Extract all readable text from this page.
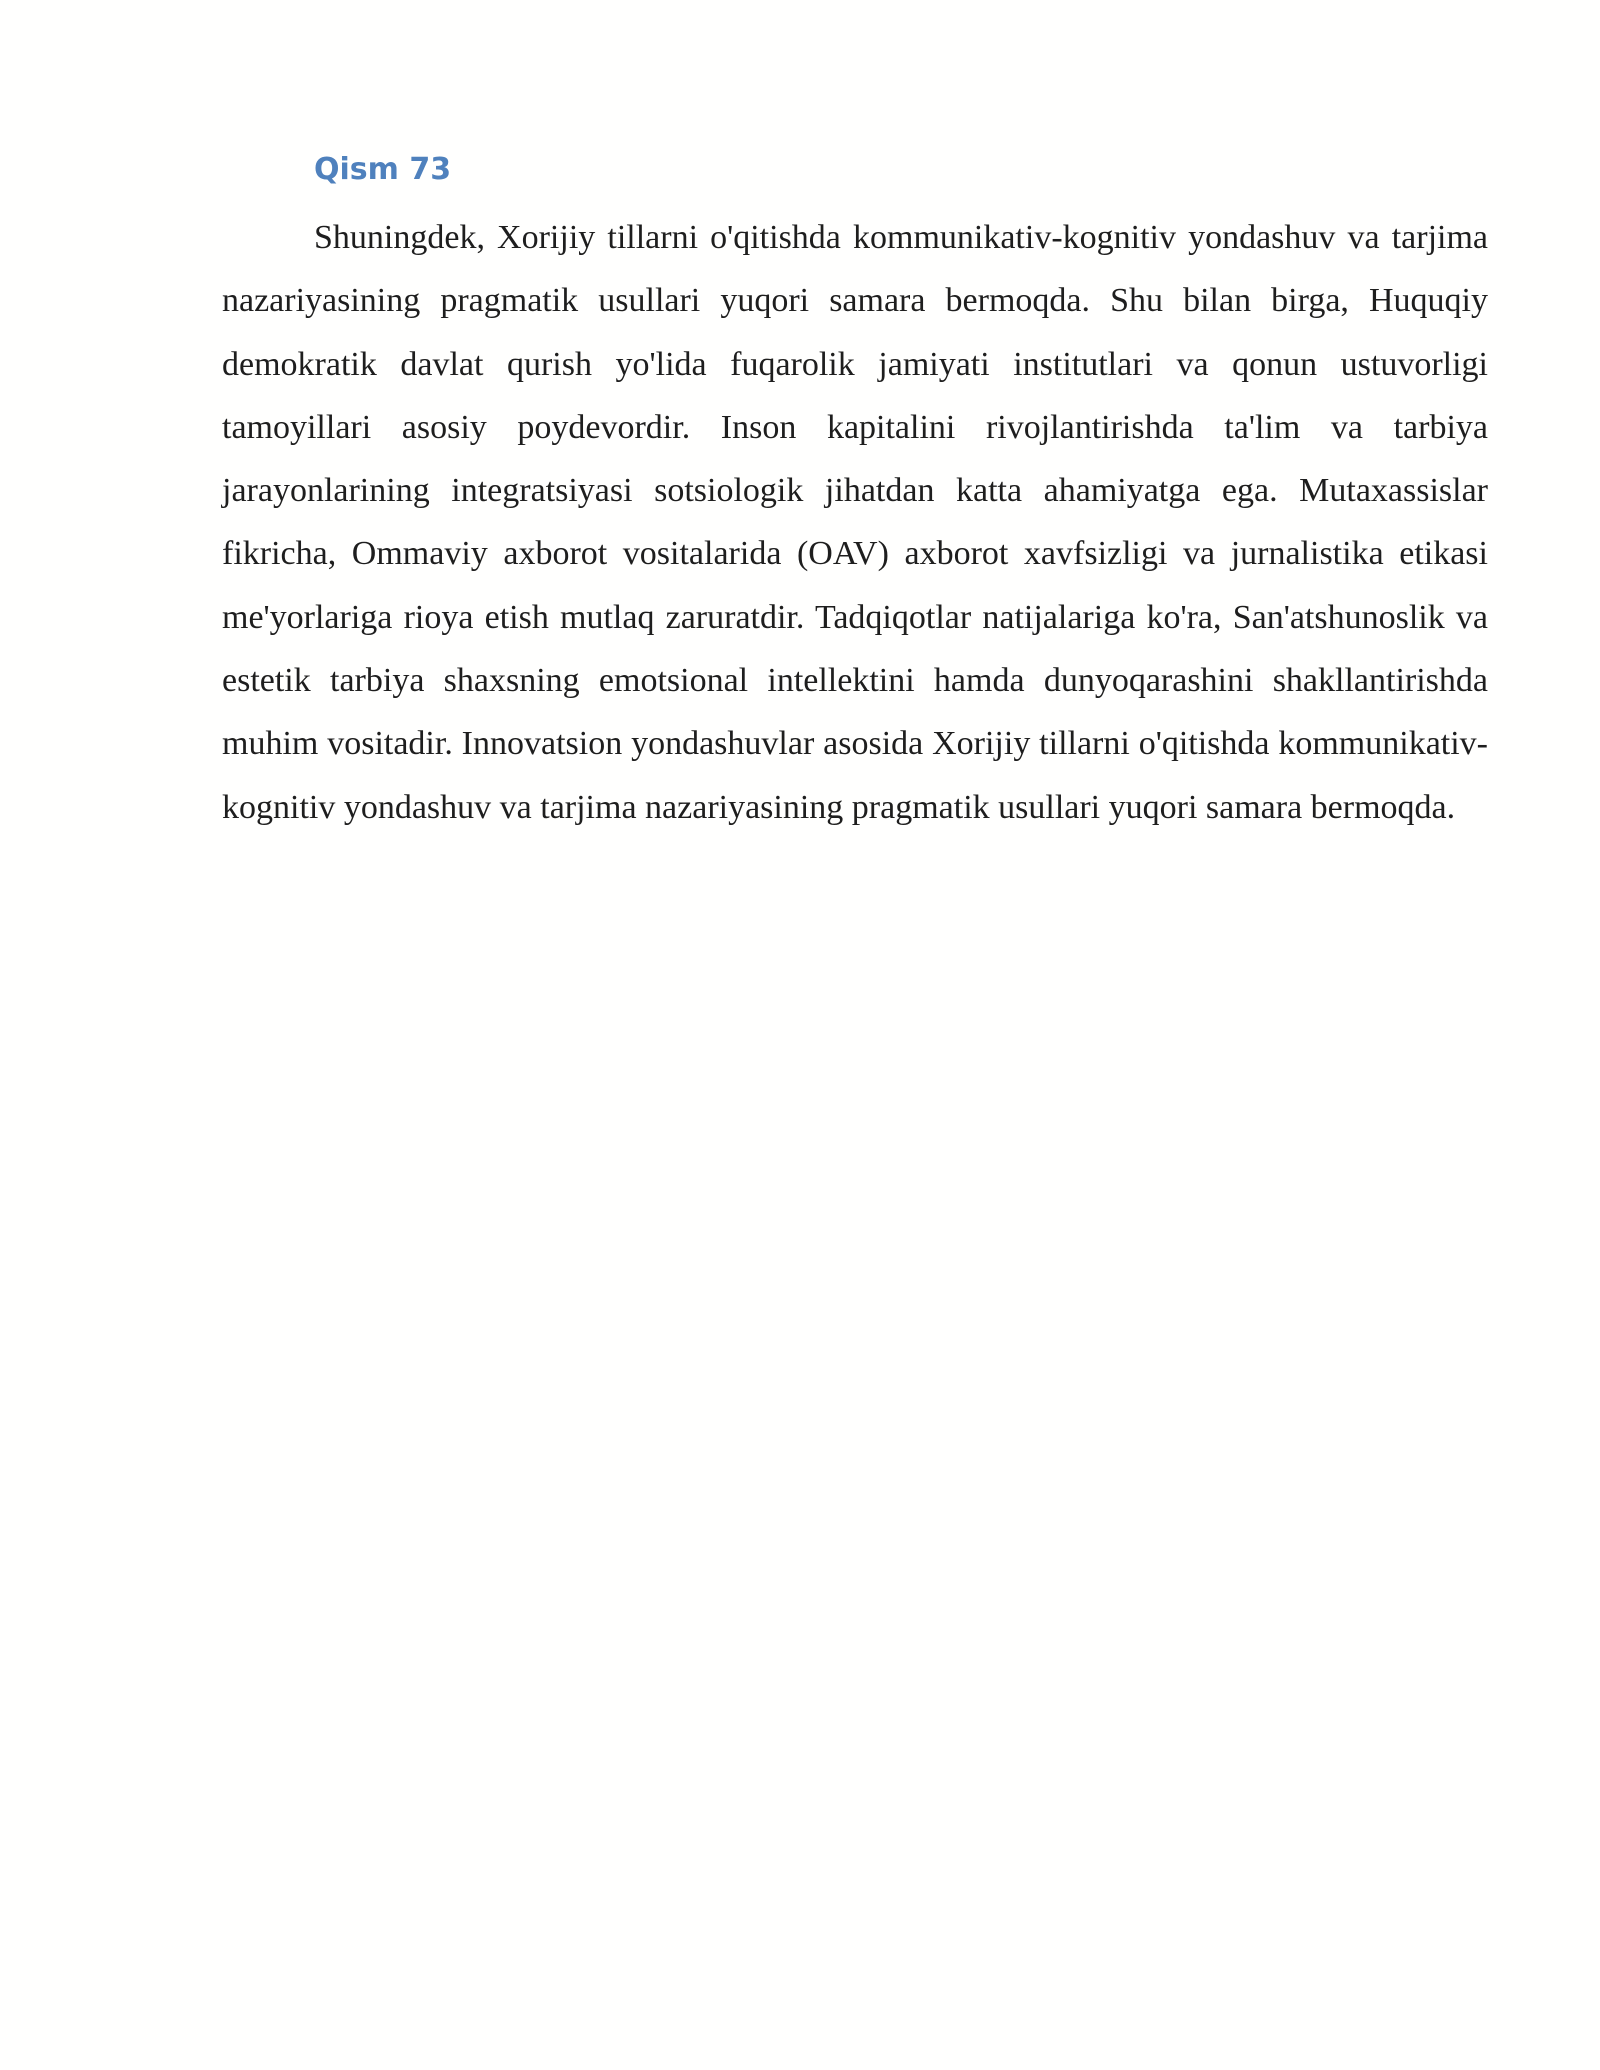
Qism 73

Shuningdek, Xorijiy tillarni o'qitishda kommunikativ-kognitiv yondashuv va tarjima nazariyasining pragmatik usullari yuqori samara bermoqda. Shu bilan birga, Huquqiy demokratik davlat qurish yo'lida fuqarolik jamiyati institutlari va qonun ustuvorligi tamoyillari asosiy poydevordir. Inson kapitalini rivojlantirishda ta'lim va tarbiya jarayonlarining integratsiyasi sotsiologik jihatdan katta ahamiyatga ega. Mutaxassislar fikricha, Ommaviy axborot vositalarida (OAV) axborot xavfsizligi va jurnalistika etikasi me'yorlariga rioya etish mutlaq zaruratdir. Tadqiqotlar natijalariga ko'ra, San'atshunoslik va estetik tarbiya shaxsning emotsional intellektini hamda dunyoqarashini shakllantirishda muhim vositadir. Innovatsion yondashuvlar asosida Xorijiy tillarni o'qitishda kommunikativ-kognitiv yondashuv va tarjima nazariyasining pragmatik usullari yuqori samara bermoqda.
